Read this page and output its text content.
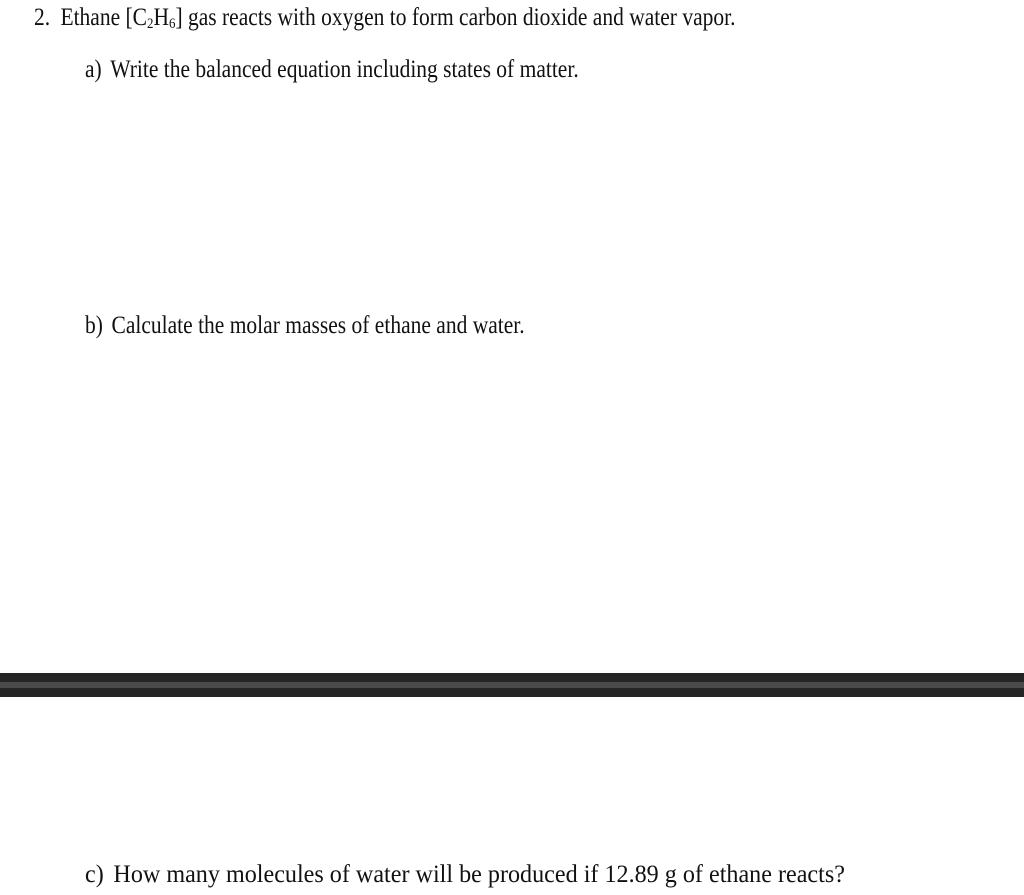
2. Ethane $[C_2H_6]$ gas reacts with oxygen to form carbon dioxide and water vapor.
a) Write the balanced equation including states of matter.
b) Calculate the molar masses of ethane and water.
c) How many molecules of water will be produced if 12.89 g of ethane reacts?
